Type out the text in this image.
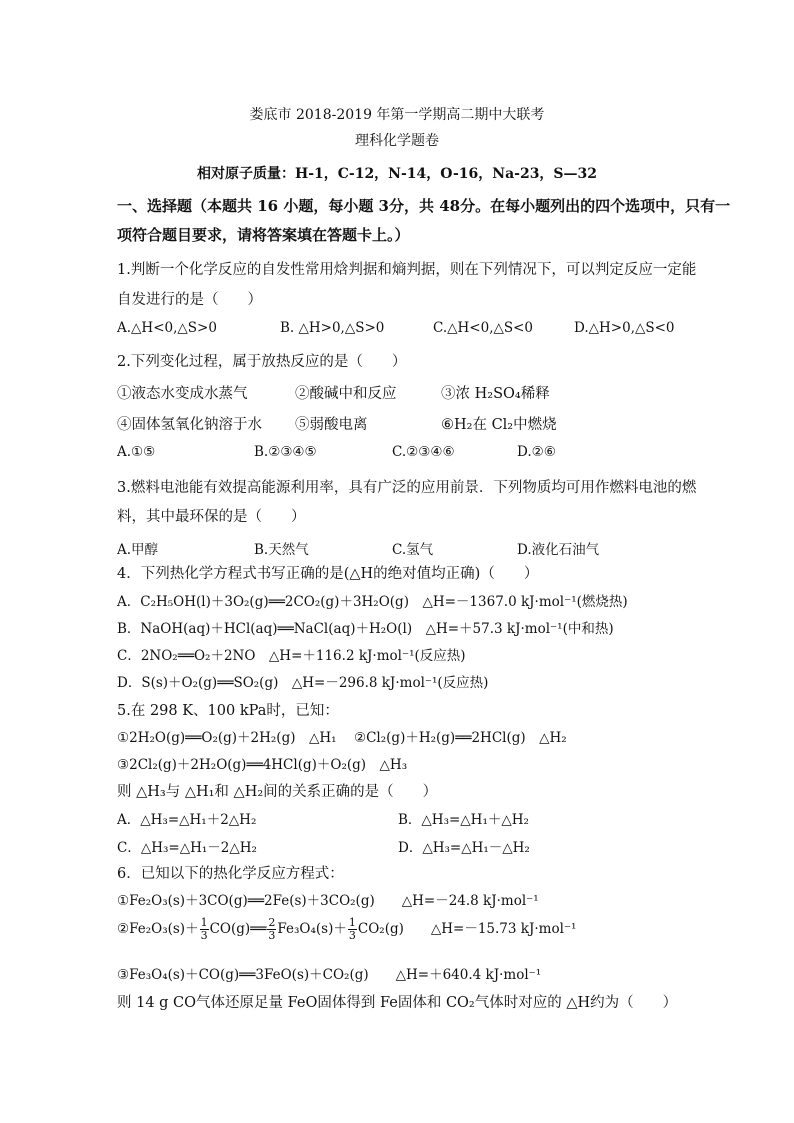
娄底市 2018-2019 年第一学期高二期中大联考
理科化学题卷
相对原子质量：H-1，C-12，N-14，O-16，Na-23，S—32
一、选择题（本题共 16 小题，每小题 3分，共 48分。在每小题列出的四个选项中，只有一
项符合题目要求，请将答案填在答题卡上。）
1.判断一个化学反应的自发性常用焓判据和熵判据，则在下列情况下，可以判定反应一定能
自发进行的是（　　）
A.△H<0,△S>0	B. △H>0,△S>0	C.△H<0,△S<0	D.△H>0,△S<0
2.下列变化过程，属于放热反应的是（　　）
①液态水变成水蒸气	②酸碱中和反应	③浓 H₂SO₄稀释
④固体氢氧化钠溶于水 ⑤弱酸电离	⑥H₂在 Cl₂中燃烧
A.①⑤	B.②③④⑤	C.②③④⑥	D.②⑥
3.燃料电池能有效提高能源利用率，具有广泛的应用前景．下列物质均可用作燃料电池的燃
料，其中最环保的是（　　）
A.甲醇	B.天然气	C.氢气	D.液化石油气
4．下列热化学方程式书写正确的是(△H的绝对值均正确)（　　）
A．C₂H₅OH(l)＋3O₂(g)══2CO₂(g)＋3H₂O(g)　△H=－1367.0 kJ·mol⁻¹(燃烧热)
B．NaOH(aq)＋HCl(aq)══NaCl(aq)＋H₂O(l)　△H=＋57.3 kJ·mol⁻¹(中和热)
C．2NO₂══O₂＋2NO　△H=＋116.2 kJ·mol⁻¹(反应热)
D．S(s)＋O₂(g)══SO₂(g)　△H=－296.8 kJ·mol⁻¹(反应热)
5.在 298 K、100 kPa时，已知：
①2H₂O(g)══O₂(g)＋2H₂(g)　△H₁ ②Cl₂(g)＋H₂(g)══2HCl(g)　△H₂
③2Cl₂(g)＋2H₂O(g)══4HCl(g)＋O₂(g)　△H₃
则 △H₃与 △H₁和 △H₂间的关系正确的是（　　）
A．△H₃=△H₁＋2△H₂	B．△H₃=△H₁＋△H₂
C．△H₃=△H₁－2△H₂	D．△H₃=△H₁－△H₂
6．已知以下的热化学反应方程式：
①Fe₂O₃(s)＋3CO(g)══2Fe(s)＋3CO₂(g)　　△H=－24.8 kJ·mol⁻¹
②Fe₂O₃(s)＋ $\frac{1}{3}$ CO(g)══ $\frac{2}{3} Fe_3O_4(s)+ \frac{1}{3} CO_2(g)$　　△H=－15.73 kJ·mol⁻¹
③Fe₃O₄(s)＋CO(g)══3FeO(s)＋CO₂(g)　　△H=＋640.4 kJ·mol⁻¹
则 14 g CO气体还原足量 FeO固体得到 Fe固体和 CO₂气体时对应的 △H约为（　　）
